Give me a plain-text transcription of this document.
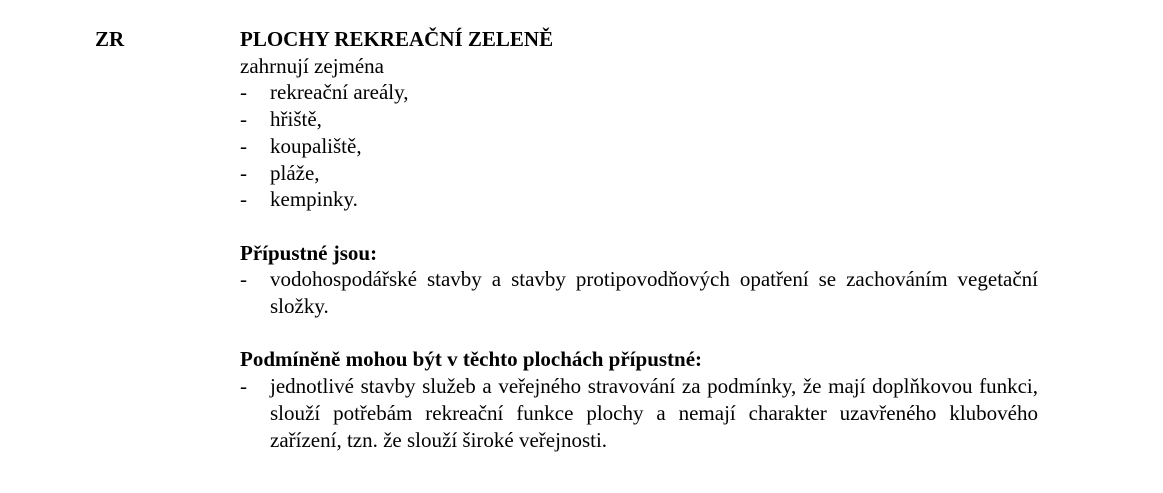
ZR	PLOCHY REKREAČNÍ ZELENĚ
zahrnují zejména
- rekreační areály,
- hřiště,
- koupaliště,
- pláže,
- kempinky.
Přípustné jsou:
- vodohospodářské stavby a stavby protipovodňových opatření se zachováním vegetační složky.
Podmíněně mohou být v těchto plochách přípustné:
- jednotlivé stavby služeb a veřejného stravování za podmínky, že mají doplňkovou funkci, slouží potřebám rekreační funkce plochy a nemají charakter uzavřeného klubového zařízení, tzn. že slouží široké veřejnosti.
